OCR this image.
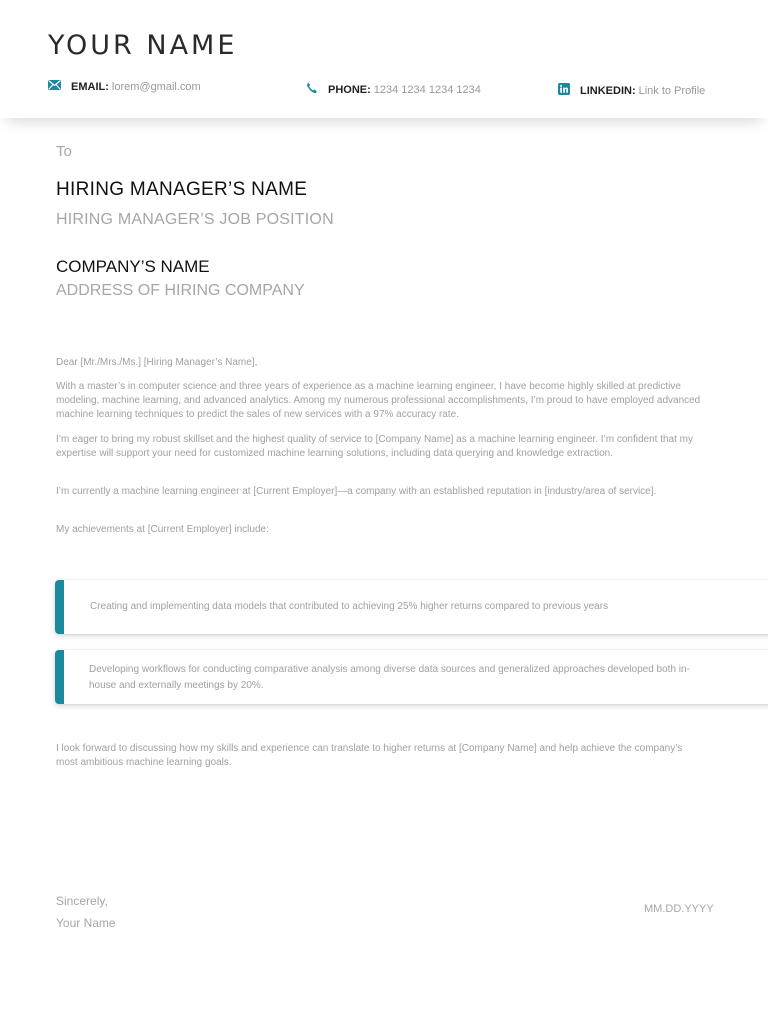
YOUR NAME
EMAIL: lorem@gmail.com	PHONE: 1234 1234 1234 1234	LINKEDIN: Link to Profile
To
HIRING MANAGER’S NAME
HIRING MANAGER’S JOB POSITION
COMPANY’S NAME
ADDRESS OF HIRING COMPANY

Dear [Mr./Mrs./Ms.] [Hiring Manager’s Name],

With a master’s in computer science and three years of experience as a machine learning engineer, I have become highly skilled at predictive modeling, machine learning, and advanced analytics. Among my numerous professional accomplishments, I’m proud to have employed advanced machine learning techniques to predict the sales of new services with a 97% accuracy rate.

I’m eager to bring my robust skillset and the highest quality of service to [Company Name] as a machine learning engineer. I’m confident that my expertise will support your need for customized machine learning solutions, including data querying and knowledge extraction.

I’m currently a machine learning engineer at [Current Employer]—a company with an established reputation in [industry/area of service].

My achievements at [Current Employer] include:

Creating and implementing data models that contributed to achieving 25% higher returns compared to previous years
Developing workflows for conducting comparative analysis among diverse data sources and generalized approaches developed both in-house and externally meetings by 20%.

I look forward to discussing how my skills and experience can translate to higher returns at [Company Name] and help achieve the company’s most ambitious machine learning goals.

Sincerely,
Your Name
MM.DD.YYYY
